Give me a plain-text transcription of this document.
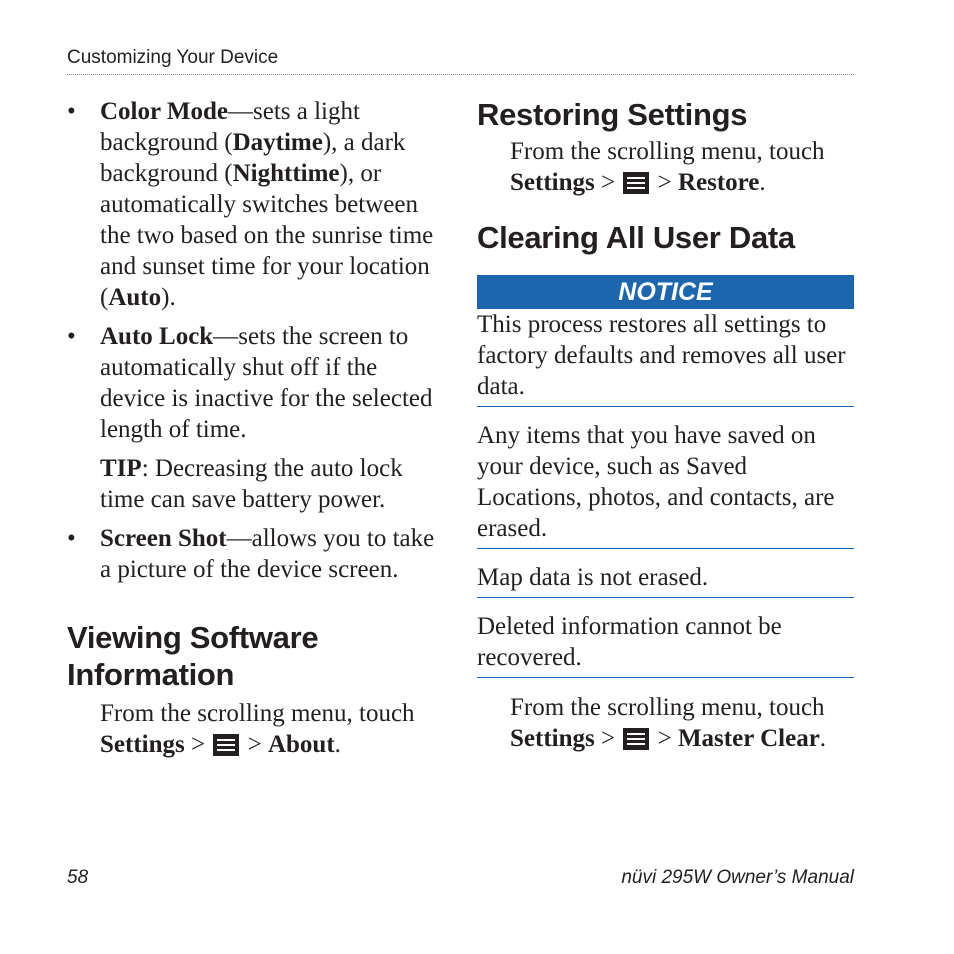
Customizing Your Device
• Color Mode—sets a light background (Daytime), a dark background (Nighttime), or automatically switches between the two based on the sunrise time and sunset time for your location (Auto).
• Auto Lock—sets the screen to automatically shut off if the device is inactive for the selected length of time.
TIP: Decreasing the auto lock time can save battery power.
• Screen Shot—allows you to take a picture of the device screen.
Viewing Software Information
From the scrolling menu, touch
Settings > > About.
Restoring Settings
From the scrolling menu, touch
Settings > > Restore.
Clearing All User Data
NOTICE
This process restores all settings to factory defaults and removes all user data.
Any items that you have saved on your device, such as Saved Locations, photos, and contacts, are erased.
Map data is not erased.
Deleted information cannot be recovered.
From the scrolling menu, touch
Settings > > Master Clear.
58	nüvi 295W Owner’s Manual
